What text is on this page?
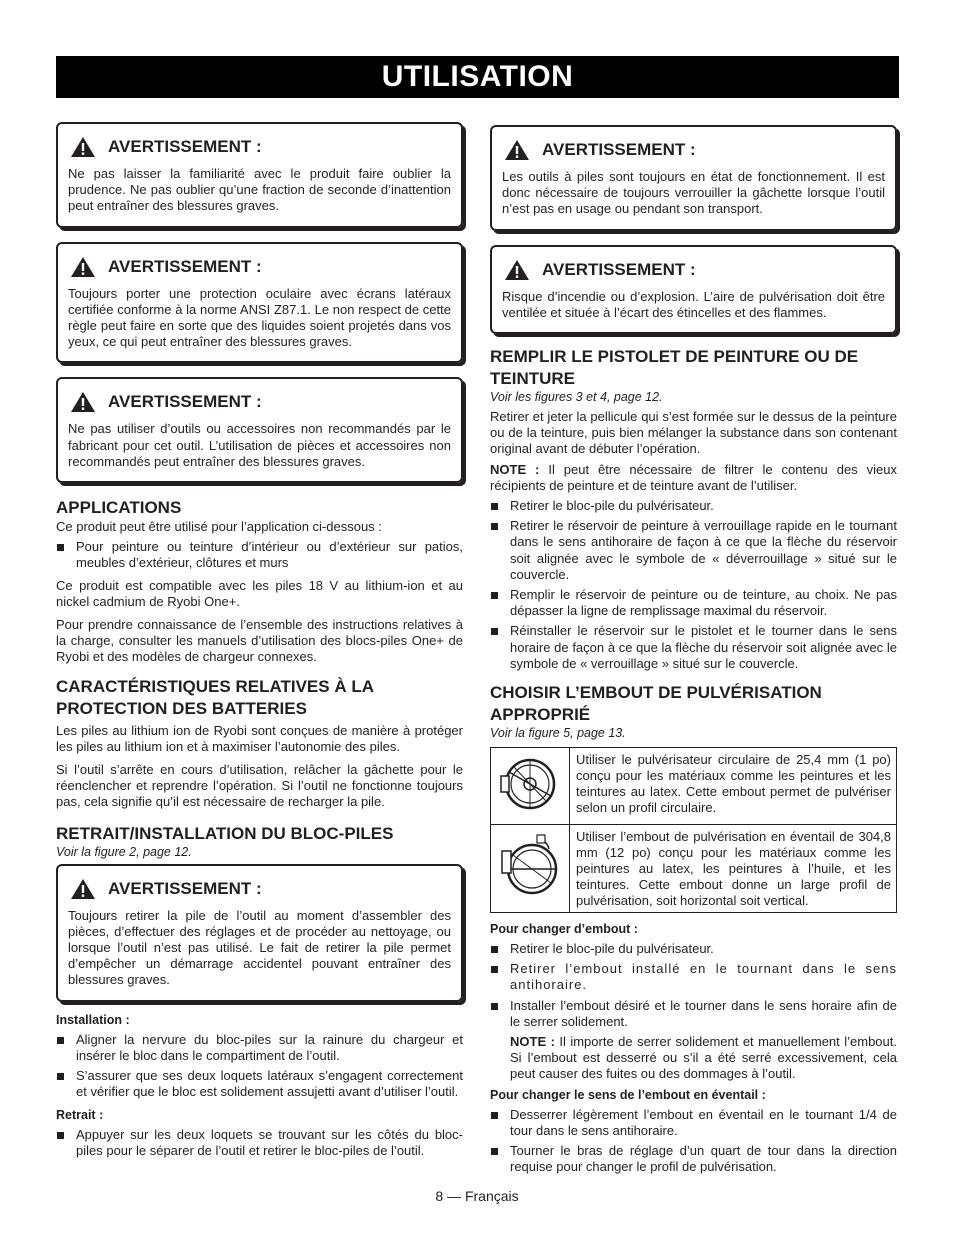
UTILISATION
AVERTISSEMENT :

Ne pas laisser la familiarité avec le produit faire oublier la prudence. Ne pas oublier qu’une fraction de seconde d’inattention peut entraîner des blessures graves.

AVERTISSEMENT :

Toujours porter une protection oculaire avec écrans latéraux certifiée conforme à la norme ANSI Z87.1. Le non respect de cette règle peut faire en sorte que des liquides soient projetés dans vos yeux, ce qui peut entraîner des blessures graves.

AVERTISSEMENT :

Ne pas utiliser d’outils ou accessoires non recommandés par le fabricant pour cet outil. L’utilisation de pièces et accessoires non recommandés peut entraîner des blessures graves.

APPLICATIONS

Ce produit peut être utilisé pour l’application ci-dessous :

Pour peinture ou teinture d’intérieur ou d’extérieur sur patios, meubles d’extérieur, clôtures et murs

Ce produit est compatible avec les piles 18 V au lithium-ion et au nickel cadmium de Ryobi One+.

Pour prendre connaissance de l’ensemble des instructions relatives à la charge, consulter les manuels d’utilisation des blocs-piles One+ de Ryobi et des modèles de chargeur connexes.

CARACTÉRISTIQUES RELATIVES À LA PROTECTION DES BATTERIES

Les piles au lithium ion de Ryobi sont conçues de manière à protéger les piles au lithium ion et à maximiser l’autonomie des piles.

Si l’outil s’arrête en cours d’utilisation, relâcher la gâchette pour le réenclencher et reprendre l’opération. Si l’outil ne fonctionne toujours pas, cela signifie qu’il est nécessaire de recharger la pile.

RETRAIT/INSTALLATION DU BLOC-PILES

Voir la figure 2, page 12.

AVERTISSEMENT :

Toujours retirer la pile de l’outil au moment d’assembler des pièces, d’effectuer des réglages et de procéder au nettoyage, ou lorsque l’outil n’est pas utilisé. Le fait de retirer la pile permet d’empêcher un démarrage accidentel pouvant entraîner des blessures graves.

Installation :

Aligner la nervure du bloc-piles sur la rainure du chargeur et insérer le bloc dans le compartiment de l’outil.
S’assurer que ses deux loquets latéraux s’engagent correctement et vérifier que le bloc est solidement assujetti avant d’utiliser l’outil.

Retrait :

Appuyer sur les deux loquets se trouvant sur les côtés du bloc-piles pour le séparer de l’outil et retirer le bloc-piles de l’outil.
AVERTISSEMENT :

Les outils à piles sont toujours en état de fonctionnement. Il est donc nécessaire de toujours verrouiller la gâchette lorsque l’outil n’est pas en usage ou pendant son transport.

AVERTISSEMENT :

Risque d’incendie ou d’explosion. L’aire de pulvérisation doit être ventilée et située à l’écart des étincelles et des flammes.

REMPLIR LE PISTOLET DE PEINTURE OU DE TEINTURE

Voir les figures 3 et 4, page 12.

Retirer et jeter la pellicule qui s’est formée sur le dessus de la peinture ou de la teinture, puis bien mélanger la substance dans son contenant original avant de débuter l’opération.

NOTE : Il peut être nécessaire de filtrer le contenu des vieux récipients de peinture et de teinture avant de l’utiliser.

Retirer le bloc-pile du pulvérisateur.
Retirer le réservoir de peinture à verrouillage rapide en le tournant dans le sens antihoraire de façon à ce que la flèche du réservoir soit alignée avec le symbole de « déverrouillage » situé sur le couvercle.
Remplir le réservoir de peinture ou de teinture, au choix. Ne pas dépasser la ligne de remplissage maximal du réservoir.
Réinstaller le réservoir sur le pistolet et le tourner dans le sens horaire de façon à ce que la flèche du réservoir soit alignée avec le symbole de « verrouillage » situé sur le couvercle.
CHOISIR L’EMBOUT DE PULVÉRISATION APPROPRIÉ

Voir la figure 5, page 13.

	Utiliser le pulvérisateur circulaire de 25,4 mm (1 po) conçu pour les matériaux comme les peintures et les teintures au latex. Cette embout permet de pulvériser selon un profil circulaire.
	Utiliser l’embout de pulvérisation en éventail de 304,8 mm (12 po) conçu pour les matériaux comme les peintures au latex, les peintures à l’huile, et les teintures. Cette embout donne un large profil de pulvérisation, soit horizontal soit vertical.

Pour changer d’embout :

Retirer le bloc-pile du pulvérisateur.
Retirer l’embout installé en le tournant dans le sens antihoraire.
Installer l’embout désiré et le tourner dans le sens horaire afin de le serrer solidement.

NOTE : Il importe de serrer solidement et manuellement l’embout. Si l’embout est desserré ou s’il a été serré excessivement, cela peut causer des fuites ou des dommages à l’outil.

Pour changer le sens de l’embout en éventail :

Desserrer légèrement l’embout en éventail en le tournant 1/4 de tour dans le sens antihoraire.
Tourner le bras de réglage d’un quart de tour dans la direction requise pour changer le profil de pulvérisation.
8 — Français
